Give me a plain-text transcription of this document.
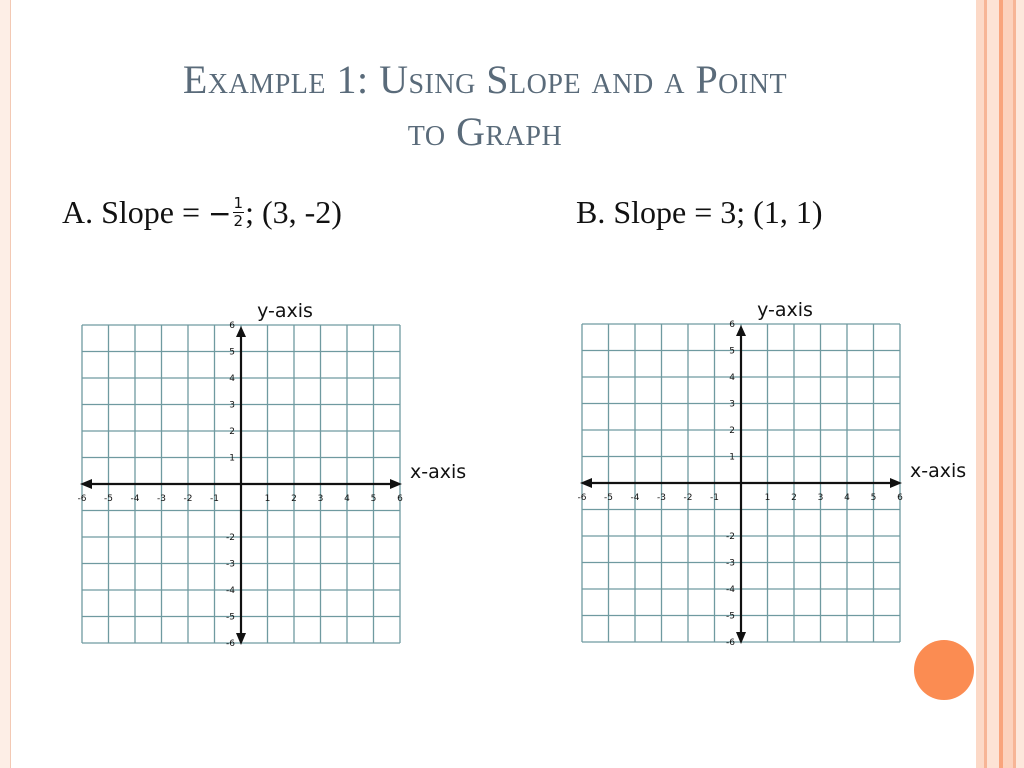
Example 1: Using Slope and a Point
to Graph
A. Slope = − $\frac{1}{2}$ ; (3, -2)	B. Slope = 3; (1, 1)
-6 -5 -4 -3 -2 -1	1 2 3 4 5 6
6
5
4
3
2
1
-2
-3
-4
-5
-6
y-axis
x-axis
-6 -5 -4 -3 -2 -1	1 2 3 4 5 6
6
5
4
3
2
1
-2
-3
-4
-5
-6
y-axis
x-axis
